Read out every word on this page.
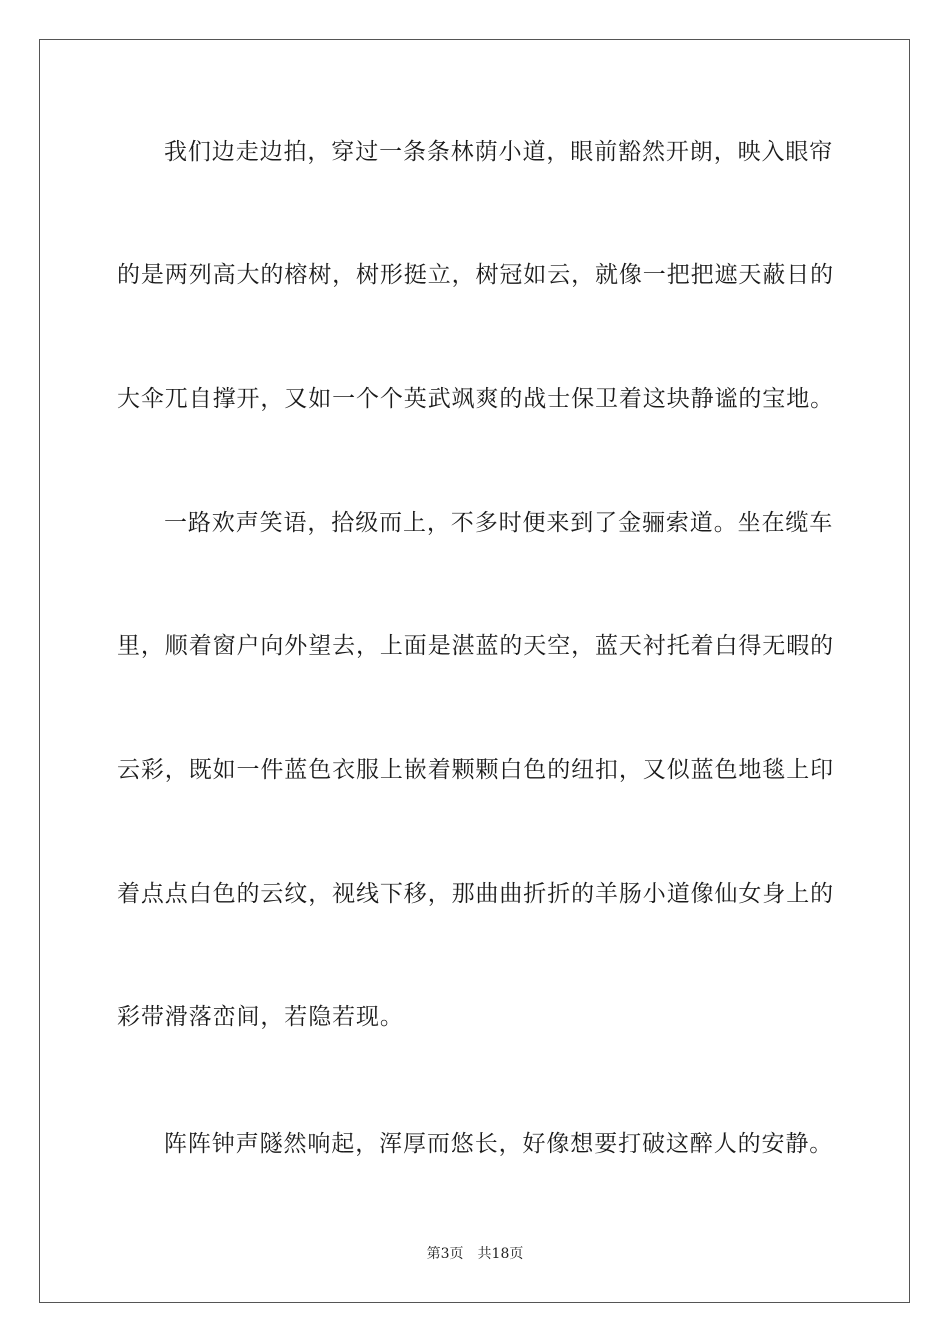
我们边走边拍，穿过一条条林荫小道，眼前豁然开朗，映入眼帘
的是两列高大的榕树，树形挺立，树冠如云，就像一把把遮天蔽日的
大伞兀自撑开，又如一个个英武飒爽的战士保卫着这块静谧的宝地。
一路欢声笑语，拾级而上，不多时便来到了金骊索道。坐在缆车
里，顺着窗户向外望去，上面是湛蓝的天空，蓝天衬托着白得无暇的
云彩，既如一件蓝色衣服上嵌着颗颗白色的纽扣，又似蓝色地毯上印
着点点白色的云纹，视线下移，那曲曲折折的羊肠小道像仙女身上的
彩带滑落峦间，若隐若现。
阵阵钟声隧然响起，浑厚而悠长，好像想要打破这醉人的安静。
第3页 共18页
